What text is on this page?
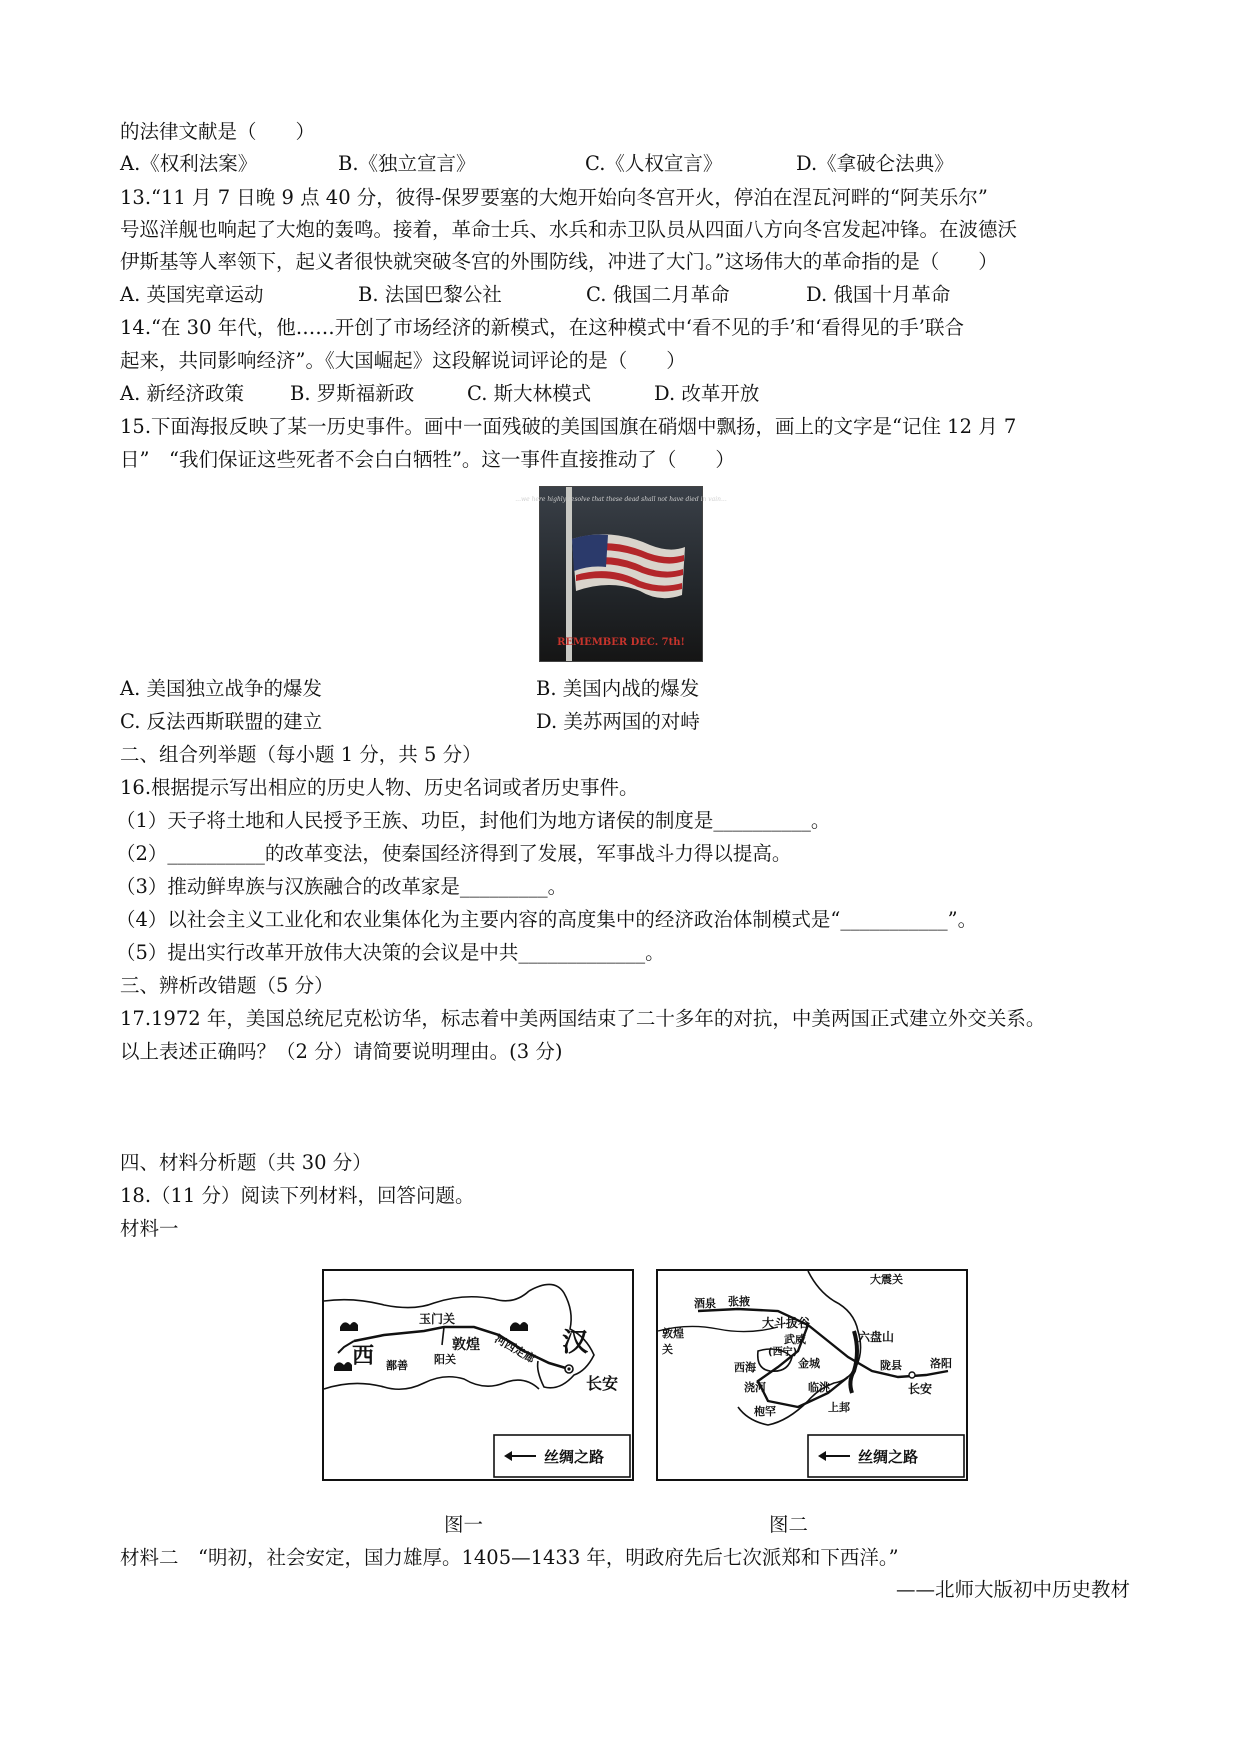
的法律文献是（　　）
A.《权利法案》	B.《独立宣言》	C.《人权宣言》	D.《拿破仑法典》
13.“11 月 7 日晚 9 点 40 分，彼得-保罗要塞的大炮开始向冬宫开火，停泊在涅瓦河畔的“阿芙乐尔”
号巡洋舰也响起了大炮的轰鸣。接着，革命士兵、水兵和赤卫队员从四面八方向冬宫发起冲锋。在波德沃
伊斯基等人率领下，起义者很快就突破冬宫的外围防线，冲进了大门。”这场伟大的革命指的是（　　）
A. 英国宪章运动	B. 法国巴黎公社	C. 俄国二月革命	D. 俄国十月革命
14.“在 30 年代，他……开创了市场经济的新模式，在这种模式中‘看不见的手’和‘看得见的手’联合
起来，共同影响经济”。《大国崛起》这段解说词评论的是（　　）
A. 新经济政策 B. 罗斯福新政	C. 斯大林模式	D. 改革开放
15.下面海报反映了某一历史事件。画中一面残破的美国国旗在硝烟中飘扬，画上的文字是“记住 12 月 7
日”　“我们保证这些死者不会白白牺牲”。这一事件直接推动了（　　）
...we here highly resolve that these dead shall not have died in vain...
REMEMBER DEC. 7th!
A. 美国独立战争的爆发	B. 美国内战的爆发
C. 反法西斯联盟的建立	D. 美苏两国的对峙
二、组合列举题（每小题 1 分，共 5 分）
16.根据提示写出相应的历史人物、历史名词或者历史事件。
（1）天子将土地和人民授予王族、功臣，封他们为地方诸侯的制度是__________。
（2）__________的改革变法，使秦国经济得到了发展，军事战斗力得以提高。
（3）推动鲜卑族与汉族融合的改革家是_________。
（4）以社会主义工业化和农业集体化为主要内容的高度集中的经济政治体制模式是“___________”。
（5）提出实行改革开放伟大决策的会议是中共_____________。
三、辨析改错题（5 分）
17.1972 年，美国总统尼克松访华，标志着中美两国结束了二十多年的对抗，中美两国正式建立外交关系。
以上表述正确吗？（2 分）请简要说明理由。(3 分)
四、材料分析题（共 30 分）
18.（11 分）阅读下列材料，回答问题。
材料一
玉门关
敦煌
阳关	河西走廊
西 鄯善
汉
长安
丝绸之路
酒泉 张掖
大斗拔谷
武威
金城
临洮
大震关
六盘山
陇县
长安
洛阳
西海
浇河
枹罕
敦煌
关
上邽
(西宁)
丝绸之路
图一	图二
材料二　“明初，社会安定，国力雄厚。1405—1433 年，明政府先后七次派郑和下西洋。”
——北师大版初中历史教材
